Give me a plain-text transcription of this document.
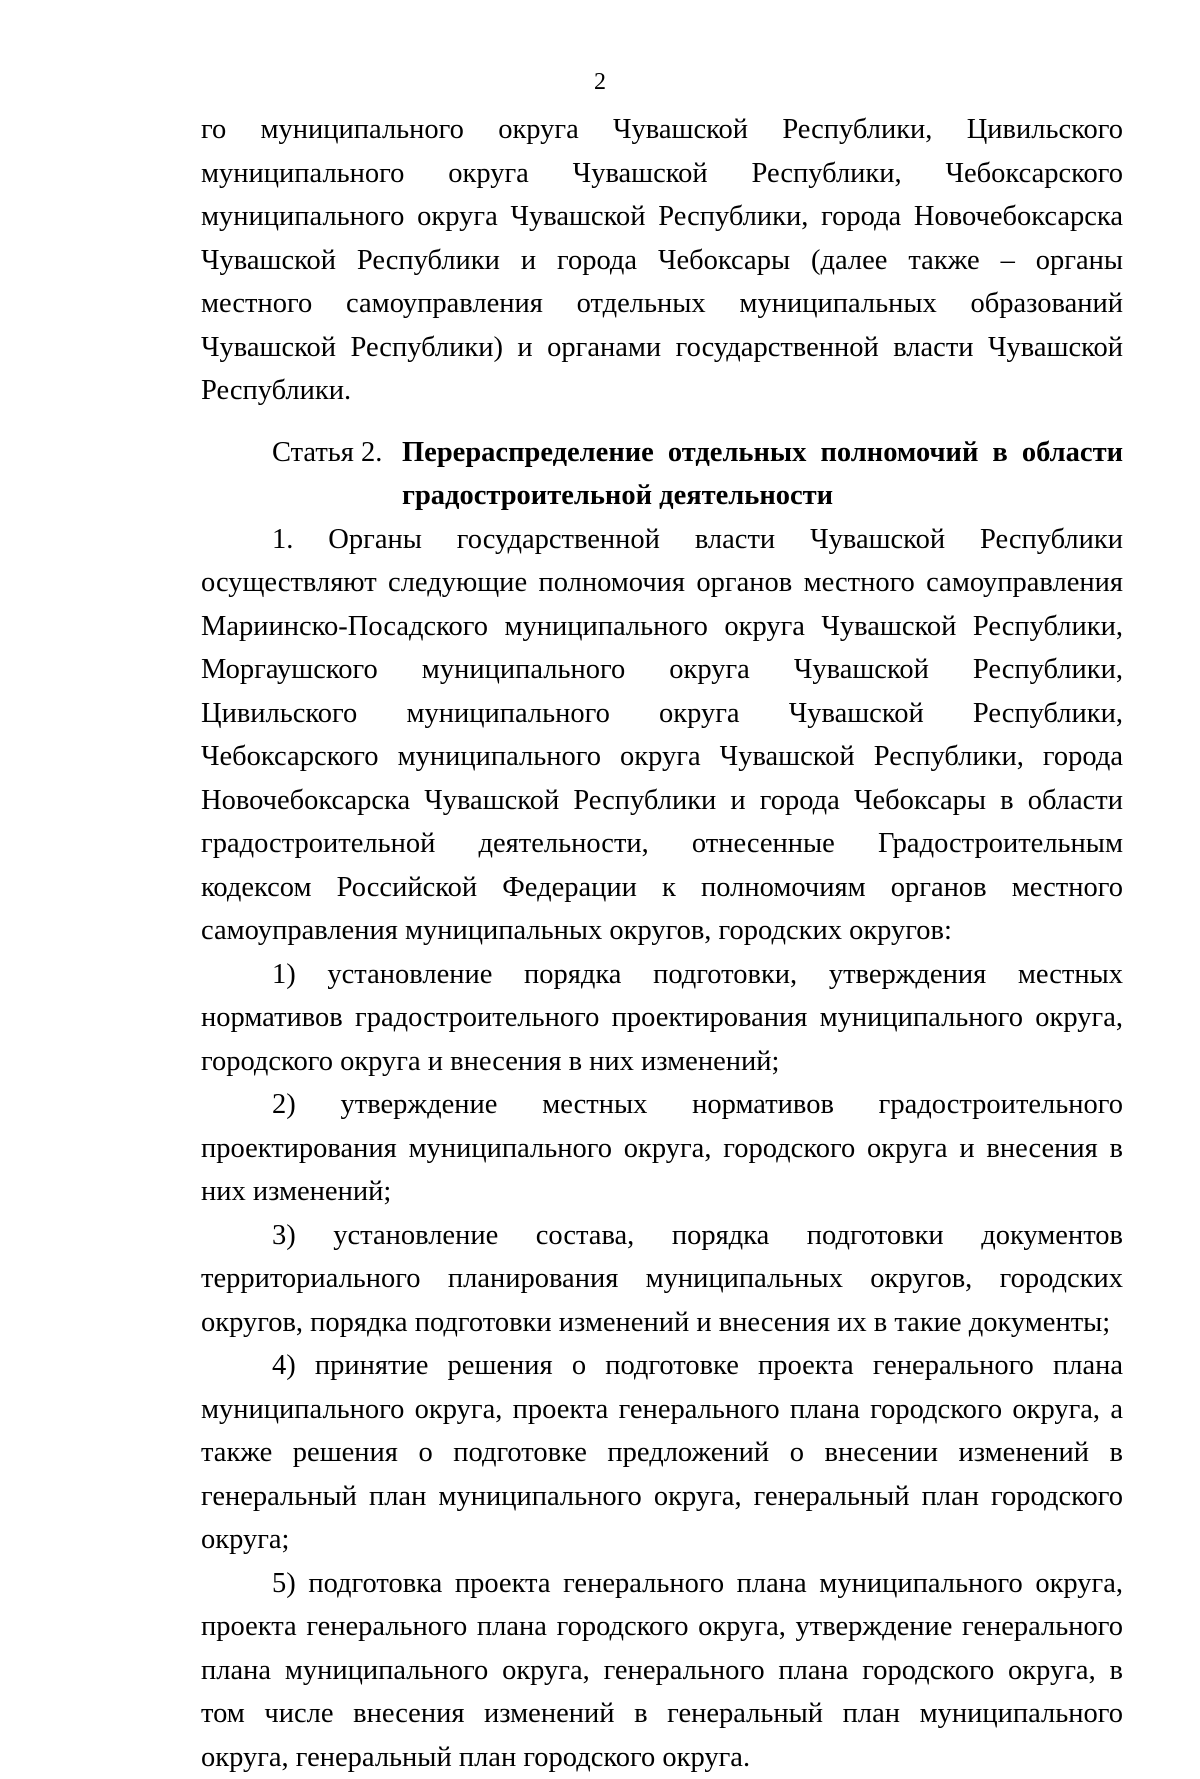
2

го муниципального округа Чувашской Республики, Цивильского муниципального округа Чувашской Республики, Чебоксарского муниципального округа Чувашской Республики, города Новочебоксарска Чувашской Республики и города Чебоксары (далее также – органы местного самоуправления отдельных муниципальных образований Чувашской Республики) и органами государственной власти Чувашской Республики.

Статья 2. Перераспределение отдельных полномочий в области градостроительной деятельности

1. Органы государственной власти Чувашской Республики осуществляют следующие полномочия органов местного самоуправления Мариинско-Посадского муниципального округа Чувашской Республики, Моргаушского муниципального округа Чувашской Республики, Цивильского муниципального округа Чувашской Республики, Чебоксарского муниципального округа Чувашской Республики, города Новочебоксарска Чувашской Республики и города Чебоксары в области градостроительной деятельности, отнесенные Градостроительным кодексом Российской Федерации к полномочиям органов местного самоуправления муниципальных округов, городских округов:

1) установление порядка подготовки, утверждения местных нормативов градостроительного проектирования муниципального округа, городского округа и внесения в них изменений;

2) утверждение местных нормативов градостроительного проектирования муниципального округа, городского округа и внесения в них изменений;

3) установление состава, порядка подготовки документов территориального планирования муниципальных округов, городских округов, порядка подготовки изменений и внесения их в такие документы;

4) принятие решения о подготовке проекта генерального плана муниципального округа, проекта генерального плана городского округа, а также решения о подготовке предложений о внесении изменений в генеральный план муниципального округа, генеральный план городского округа;

5) подготовка проекта генерального плана муниципального округа, проекта генерального плана городского округа, утверждение генерального плана муниципального округа, генерального плана городского округа, в том числе внесения изменений в генеральный план муниципального округа, генеральный план городского округа.
